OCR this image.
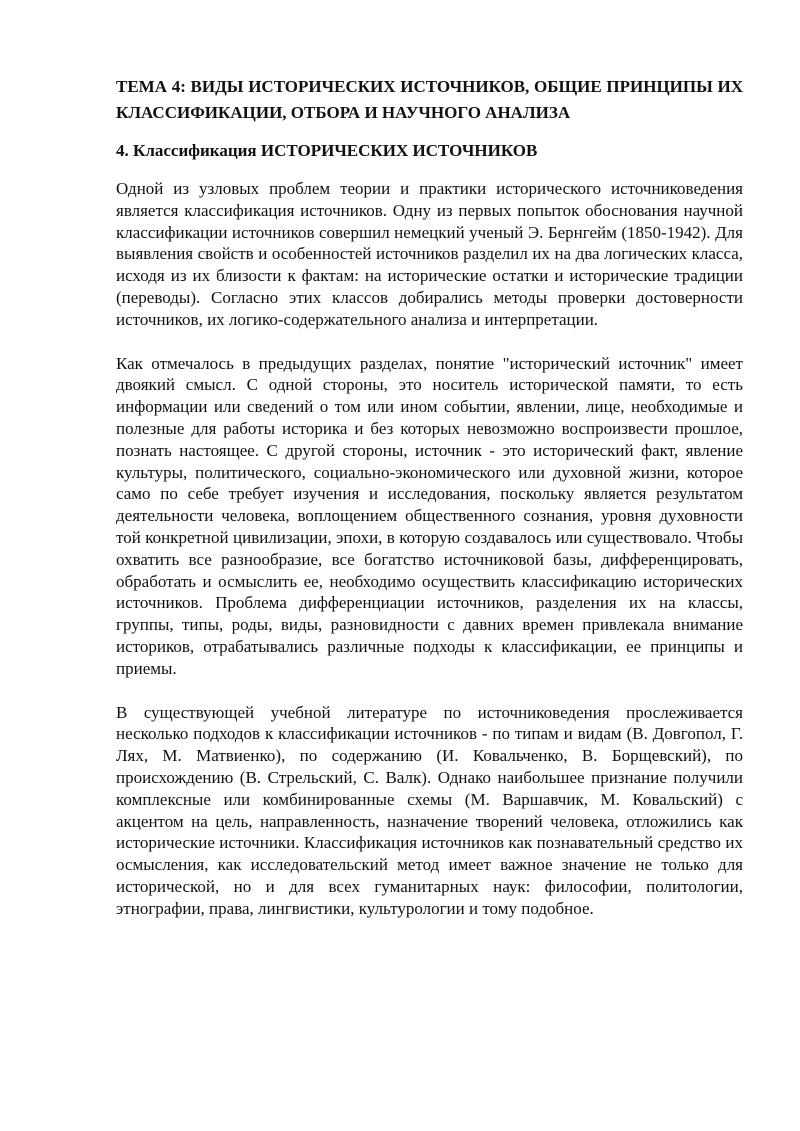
ТЕМА 4: ВИДЫ ИСТОРИЧЕСКИХ ИСТОЧНИКОВ, ОБЩИЕ ПРИНЦИПЫ ИХ КЛАССИФИКАЦИИ, ОТБОРА И НАУЧНОГО АНАЛИЗА
4. Классификация ИСТОРИЧЕСКИХ ИСТОЧНИКОВ

Одной из узловых проблем теории и практики исторического источниковедения является классификация источников. Одну из первых попыток обоснования научной классификации источников совершил немецкий ученый Э. Бернгейм (1850-1942). Для выявления свойств и особенностей источников разделил их на два логических класса, исходя из их близости к фактам: на исторические остатки и исторические традиции (переводы). Согласно этих классов добирались методы проверки достоверности источников, их логико-содержательного анализа и интерпретации.

Как отмечалось в предыдущих разделах, понятие "исторический источник" имеет двоякий смысл. С одной стороны, это носитель исторической памяти, то есть информации или сведений о том или ином событии, явлении, лице, необходимые и полезные для работы историка и без которых невозможно воспроизвести прошлое, познать настоящее. С другой стороны, источник - это исторический факт, явление культуры, политического, социально-экономического или духовной жизни, которое само по себе требует изучения и исследования, поскольку является результатом деятельности человека, воплощением общественного сознания, уровня духовности той конкретной цивилизации, эпохи, в которую создавалось или существовало. Чтобы охватить все разнообразие, все богатство источниковой базы, дифференцировать, обработать и осмыслить ее, необходимо осуществить классификацию исторических источников. Проблема дифференциации источников, разделения их на классы, группы, типы, роды, виды, разновидности с давних времен привлекала внимание историков, отрабатывались различные подходы к классификации, ее принципы и приемы.

В существующей учебной литературе по источниковедения прослеживается несколько подходов к классификации источников - по типам и видам (В. Довгопол, Г. Лях, М. Матвиенко), по содержанию (И. Ковальченко, В. Борщевский), по происхождению (В. Стрельский, С. Валк). Однако наибольшее признание получили комплексные или комбинированные схемы (М. Варшавчик, М. Ковальский) с акцентом на цель, направленность, назначение творений человека, отложились как исторические источники. Классификация источников как познавательный средство их осмысления, как исследовательский метод имеет важное значение не только для исторической, но и для всех гуманитарных наук: философии, политологии, этнографии, права, лингвистики, культурологии и тому подобное.
